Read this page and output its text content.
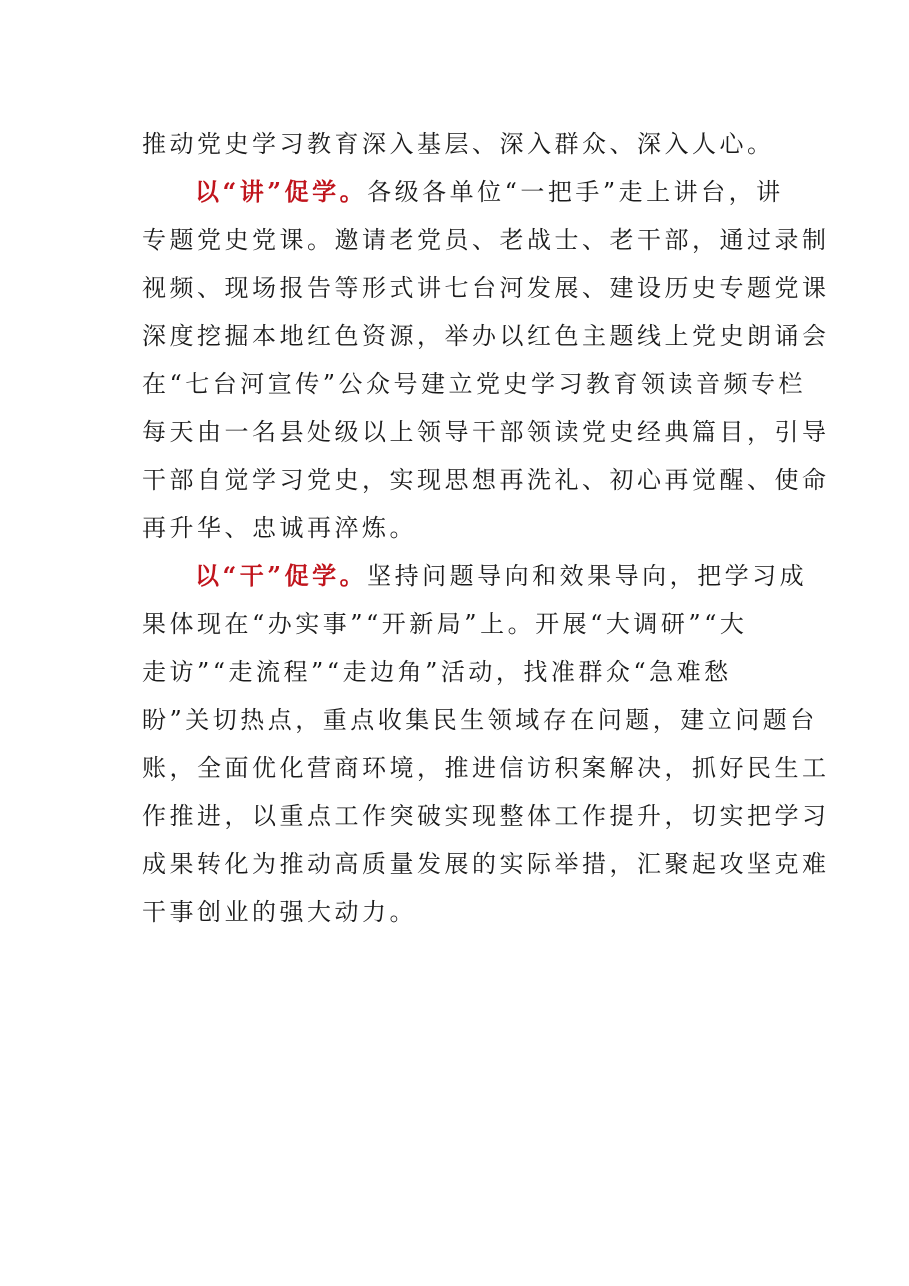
推动党史学习教育深入基层、深入群众、深入人心。

以“讲”促学。各级各单位“一把手”走上讲台，讲
专题党史党课。邀请老党员、老战士、老干部，通过录制
视频、现场报告等形式讲七台河发展、建设历史专题党课
深度挖掘本地红色资源，举办以红色主题线上党史朗诵会
在“七台河宣传”公众号建立党史学习教育领读音频专栏
每天由一名县处级以上领导干部领读党史经典篇目，引导
干部自觉学习党史，实现思想再洗礼、初心再觉醒、使命
再升华、忠诚再淬炼。

以“干”促学。坚持问题导向和效果导向，把学习成
果体现在“办实事”“开新局”上。开展“大调研”“大
走访”“走流程”“走边角”活动，找准群众“急难愁
盼”关切热点，重点收集民生领域存在问题，建立问题台
账，全面优化营商环境，推进信访积案解决，抓好民生工
作推进，以重点工作突破实现整体工作提升，切实把学习
成果转化为推动高质量发展的实际举措，汇聚起攻坚克难
干事创业的强大动力。
